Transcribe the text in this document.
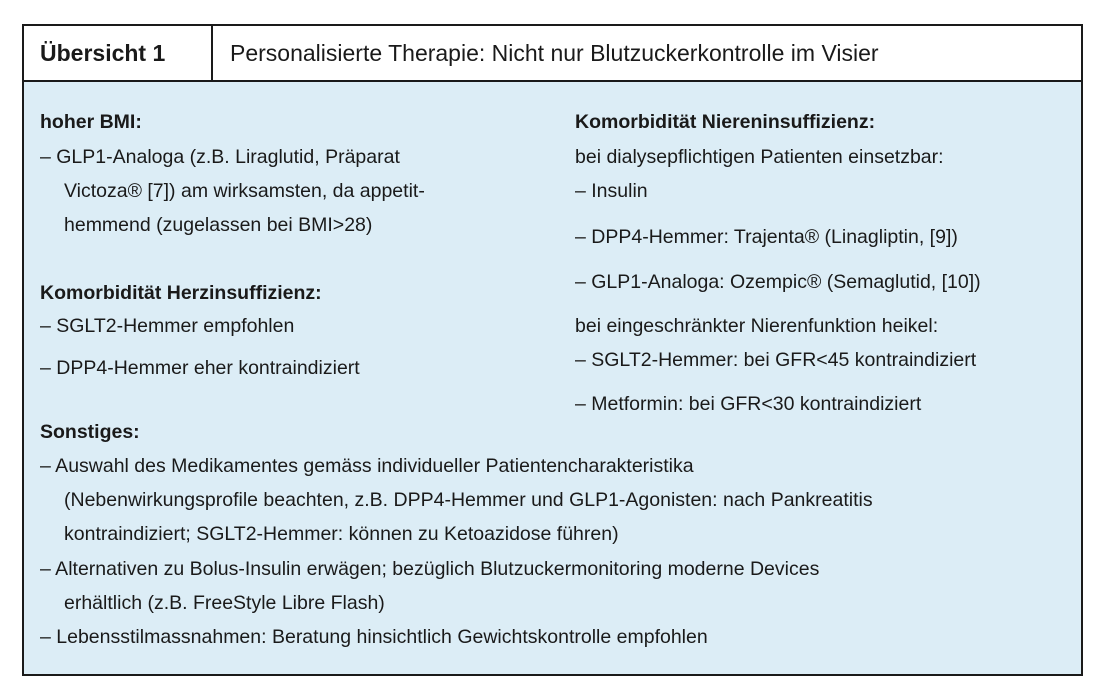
Übersicht 1	Personalisierte Therapie: Nicht nur Blutzuckerkontrolle im Visier
hoher BMI:
– GLP1-Analoga (z.B. Liraglutid, Präparat
Victoza® [7]) am wirksamsten, da appetit-
hemmend (zugelassen bei BMI>28)
Komorbidität Herzinsuffizienz:
– SGLT2-Hemmer empfohlen
– DPP4-Hemmer eher kontraindiziert
Komorbidität Niereninsuffizienz:
bei dialysepflichtigen Patienten einsetzbar:
– Insulin
– DPP4-Hemmer: Trajenta® (Linagliptin, [9])
– GLP1-Analoga: Ozempic® (Semaglutid, [10])
bei eingeschränkter Nierenfunktion heikel:
– SGLT2-Hemmer: bei GFR<45 kontraindiziert
– Metformin: bei GFR<30 kontraindiziert
Sonstiges:
– Auswahl des Medikamentes gemäss individueller Patientencharakteristika
(Nebenwirkungsprofile beachten, z.B. DPP4-Hemmer und GLP1-Agonisten: nach Pankreatitis
kontraindiziert; SGLT2-Hemmer: können zu Ketoazidose führen)
– Alternativen zu Bolus-Insulin erwägen; bezüglich Blutzuckermonitoring moderne Devices
erhältlich (z.B. FreeStyle Libre Flash)
– Lebensstilmassnahmen: Beratung hinsichtlich Gewichtskontrolle empfohlen
